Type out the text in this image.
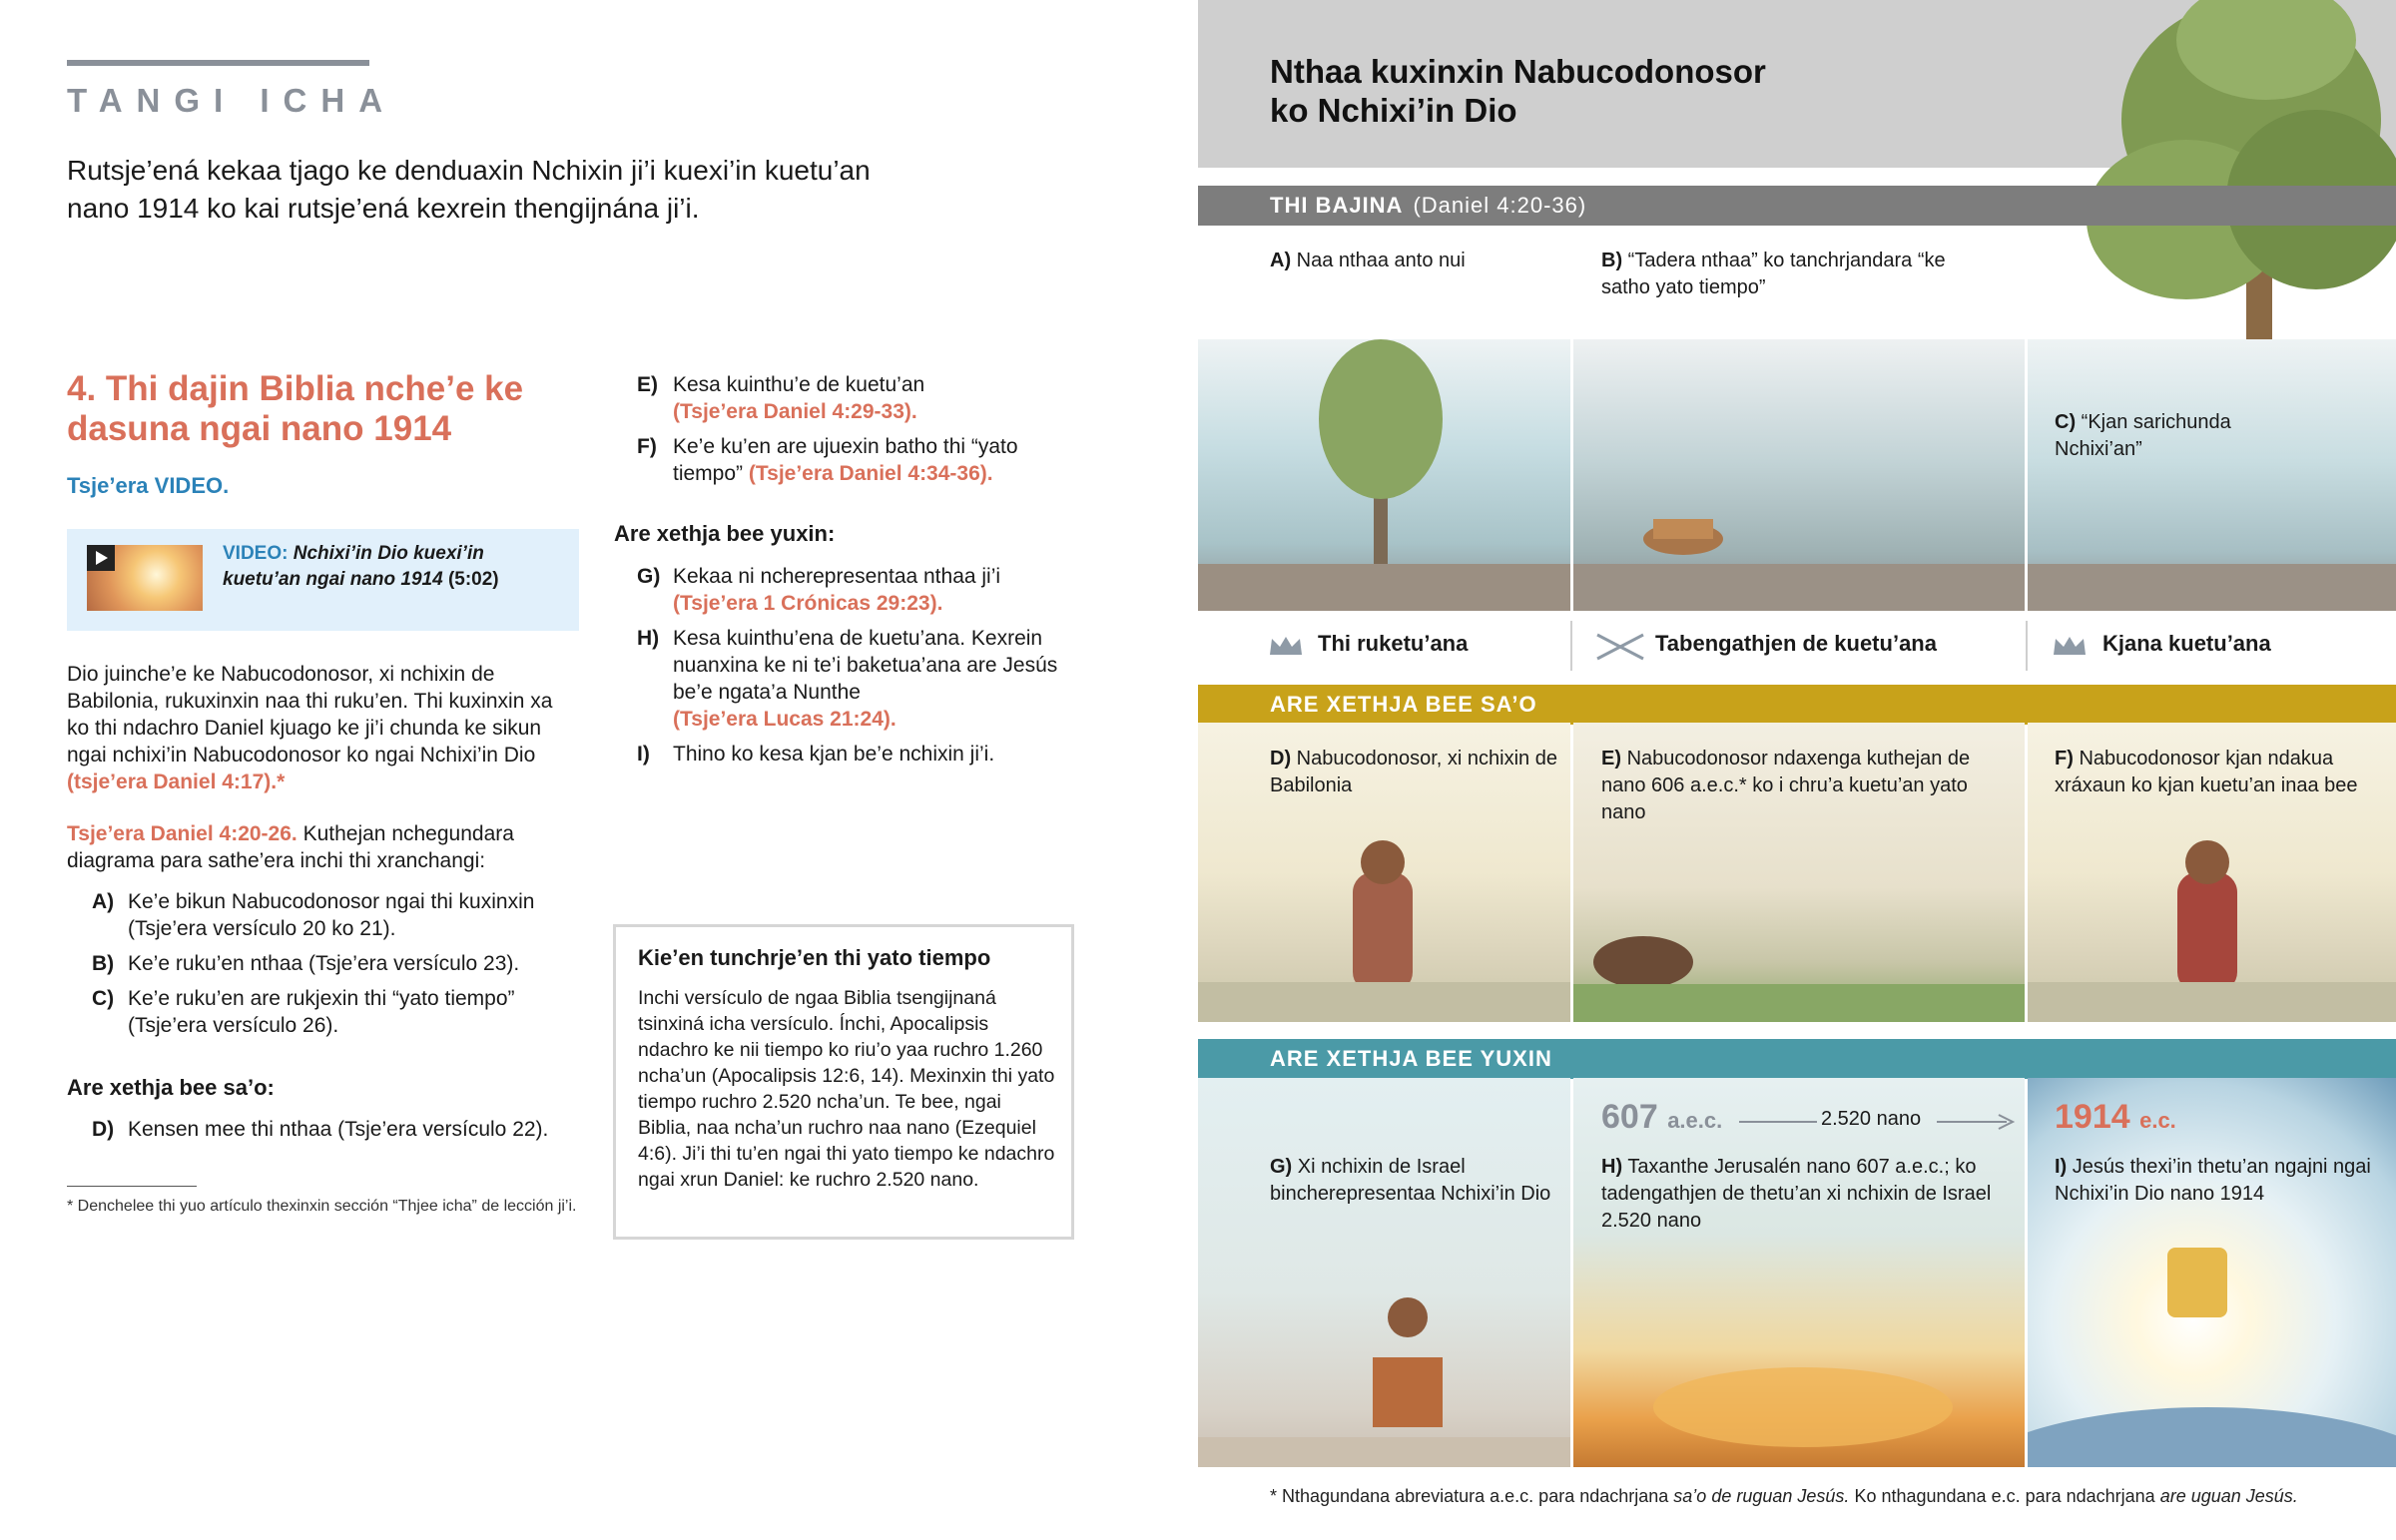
TANGI ICHA
Rutsje’ená kekaa tjago ke denduaxin Nchixin ji’i kuexi’in kuetu’an nano 1914 ko kai rutsje’ená kexrein thengijnána ji’i.
4. Thi dajin Biblia nche’e ke dasuna ngai nano 1914
Tsje’era VIDEO.
VIDEO: Nchixi’in Dio kuexi’in kuetu’an ngai nano 1914 (5:02)
Dio juinche’e ke Nabucodonosor, xi nchixin de Babilonia, rukuxinxin naa thi ruku’en. Thi kuxinxin xa ko thi ndachro Daniel kjuago ke ji’i chunda ke sikun ngai nchixi’in Nabucodonosor ko ngai Nchixi’in Dio (tsje’era Daniel 4:17).*
Tsje’era Daniel 4:20-26. Kuthejan nchegundara diagrama para sathe’era inchi thi xranchangi:
A) Ke’e bikun Nabucodonosor ngai thi kuxinxin (Tsje’era versículo 20 ko 21).
B) Ke’e ruku’en nthaa (Tsje’era versículo 23).
C) Ke’e ruku’en are rukjexin thi “yato tiempo” (Tsje’era versículo 26).
Are xethja bee sa’o:
D) Kensen mee thi nthaa (Tsje’era versículo 22).
* Denchelee thi yuo artículo thexinxin sección “Thjee icha” de lección ji’i.
E) Kesa kuinthu’e de kuetu’an
(Tsje’era Daniel 4:29-33).
F) Ke’e ku’en are ujuexin batho thi “yato tiempo” (Tsje’era Daniel 4:34-36).
Are xethja bee yuxin:
G) Kekaa ni ncherepresentaa nthaa ji’i
(Tsje’era 1 Crónicas 29:23).
H) Kesa kuinthu’ena de kuetu’ana. Kexrein nuanxina ke ni te’i baketua’ana are Jesús be’e ngata’a Nunthe
(Tsje’era Lucas 21:24).
I) Thino ko kesa kjan be’e nchixin ji’i.
Kie’en tunchrje’en thi yato tiempo
Inchi versículo de ngaa Biblia tsengijnaná tsinxiná icha versículo. Ínchi, Apocalipsis ndachro ke nii tiempo ko riu’o yaa ruchro 1.260 ncha’un (Apocalipsis 12:6, 14). Mexinxin thi yato tiempo ruchro 2.520 ncha’un. Te bee, ngai Biblia, naa ncha’un ruchro naa nano (Ezequiel 4:6). Ji’i thi tu’en ngai thi yato tiempo ke ndachro ngai xrun Daniel: ke ruchro 2.520 nano.
Nthaa kuxinxin Nabucodonosor
ko Nchixi’in Dio
THI BAJINA (Daniel 4:20-36)
A) Naa nthaa anto nui	B) “Tadera nthaa” ko tanchrjandara “ke satho yato tiempo”
C) “Kjan sarichunda Nchixi’an”
Thi ruketu’ana	Tabengathjen de kuetu’ana	Kjana kuetu’ana
ARE XETHJA BEE SA’O
D) Nabucodonosor, xi nchixin de Babilonia
E) Nabucodonosor ndaxenga kuthejan de nano 606 a.e.c.* ko i chru’a kuetu’an yato nano
F) Nabucodonosor kjan ndakua xráxaun ko kjan kuetu’an inaa bee
ARE XETHJA BEE YUXIN
607 a.e.c.	2.520 nano	1914 e.c.
G) Xi nchixin de Israel bincherepresentaa Nchixi’in Dio
H) Taxanthe Jerusalén nano 607 a.e.c.; ko tadengathjen de thetu’an xi nchixin de Israel 2.520 nano
I) Jesús thexi’in thetu’an ngajni ngai Nchixi’in Dio nano 1914
* Nthagundana abreviatura a.e.c. para ndachrjana sa’o de ruguan Jesús. Ko nthagundana e.c. para ndachrjana are uguan Jesús.
